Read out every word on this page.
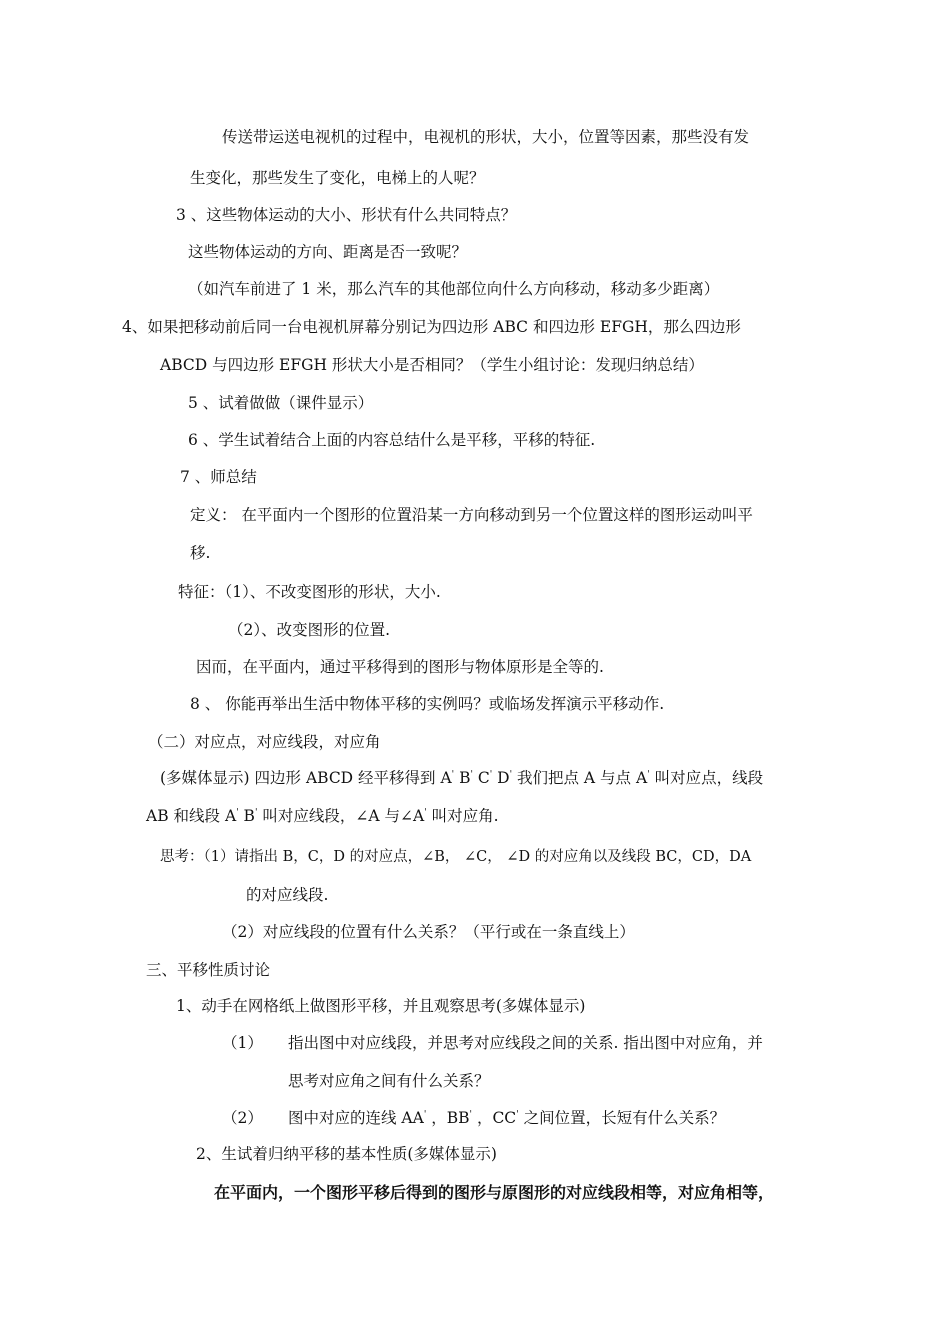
传送带运送电视机的过程中，电视机的形状，大小，位置等因素，那些没有发
生变化，那些发生了变化，电梯上的人呢？
3 、这些物体运动的大小、形状有什么共同特点？
这些物体运动的方向、距离是否一致呢？
（如汽车前进了 1 米，那么汽车的其他部位向什么方向移动，移动多少距离）
4、如果把移动前后同一台电视机屏幕分别记为四边形 ABC 和四边形 EFGH，那么四边形
ABCD 与四边形 EFGH 形状大小是否相同？（学生小组讨论：发现归纳总结）
5 、试着做做（课件显示）
6 、学生试着结合上面的内容总结什么是平移，平移的特征.
7 、师总结
定义： 在平面内一个图形的位置沿某一方向移动到另一个位置这样的图形运动叫平
移.
特征：（1）、不改变图形的形状，大小.
（2）、改变图形的位置.
因而，在平面内，通过平移得到的图形与物体原形是全等的.
8 、 你能再举出生活中物体平移的实例吗？或临场发挥演示平移动作.
（二）对应点，对应线段，对应角
(多媒体显示) 四边形 ABCD 经平移得到 A' B' C' D' 我们把点 A 与点 A' 叫对应点，线段
AB 和线段 A' B' 叫对应线段，∠A 与∠A' 叫对应角.
思考：（1）请指出 B，C，D 的对应点，∠B， ∠C， ∠D 的对应角以及线段 BC，CD，DA
的对应线段.
（2）对应线段的位置有什么关系？（平行或在一条直线上）
三、平移性质讨论
1、动手在网格纸上做图形平移，并且观察思考(多媒体显示)
（1） 指出图中对应线段，并思考对应线段之间的关系. 指出图中对应角，并
思考对应角之间有什么关系？
（2） 图中对应的连线 AA' ，BB' ，CC' 之间位置，长短有什么关系？
2、生试着归纳平移的基本性质(多媒体显示)
在平面内，一个图形平移后得到的图形与原图形的对应线段相等，对应角相等，
